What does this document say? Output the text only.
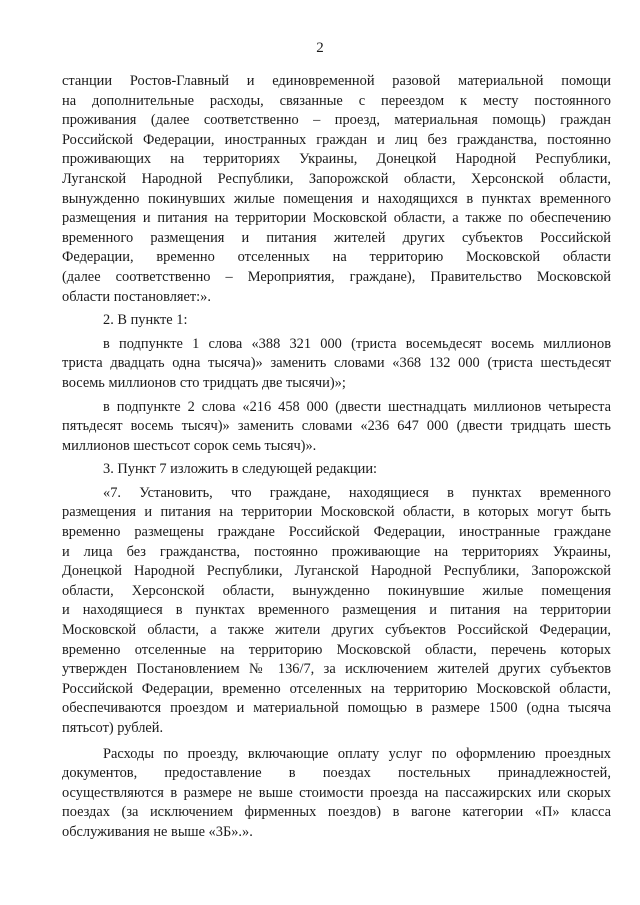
2
станции Ростов-Главный и единовременной разовой материальной помощи
на дополнительные расходы, связанные с переездом к месту постоянного
проживания (далее соответственно – проезд, материальная помощь) граждан
Российской Федерации, иностранных граждан и лиц без гражданства, постоянно
проживающих на территориях Украины, Донецкой Народной Республики,
Луганской Народной Республики, Запорожской области, Херсонской области,
вынужденно покинувших жилые помещения и находящихся в пунктах временного
размещения и питания на территории Московской области, а также по обеспечению
временного размещения и питания жителей других субъектов Российской
Федерации, временно отселенных на территорию Московской области
(далее соответственно – Мероприятия, граждане), Правительство Московской
области постановляет:».
2. В пункте 1:
в подпункте 1 слова «388 321 000 (триста восемьдесят восемь миллионов
триста двадцать одна тысяча)» заменить словами «368 132 000 (триста шестьдесят
восемь миллионов сто тридцать две тысячи)»;
в подпункте 2 слова «216 458 000 (двести шестнадцать миллионов четыреста
пятьдесят восемь тысяч)» заменить словами «236 647 000 (двести тридцать шесть
миллионов шестьсот сорок семь тысяч)».
3. Пункт 7 изложить в следующей редакции:
«7. Установить, что граждане, находящиеся в пунктах временного
размещения и питания на территории Московской области, в которых могут быть
временно размещены граждане Российской Федерации, иностранные граждане
и лица без гражданства, постоянно проживающие на территориях Украины,
Донецкой Народной Республики, Луганской Народной Республики, Запорожской
области, Херсонской области, вынужденно покинувшие жилые помещения
и находящиеся в пунктах временного размещения и питания на территории
Московской области, а также жители других субъектов Российской Федерации,
временно отселенные на территорию Московской области, перечень которых
утвержден Постановлением № 136/7, за исключением жителей других субъектов
Российской Федерации, временно отселенных на территорию Московской области,
обеспечиваются проездом и материальной помощью в размере 1500 (одна тысяча
пятьсот) рублей.
Расходы по проезду, включающие оплату услуг по оформлению проездных
документов, предоставление в поездах постельных принадлежностей,
осуществляются в размере не выше стоимости проезда на пассажирских или скорых
поездах (за исключением фирменных поездов) в вагоне категории «П» класса
обслуживания не выше «3Б».».
